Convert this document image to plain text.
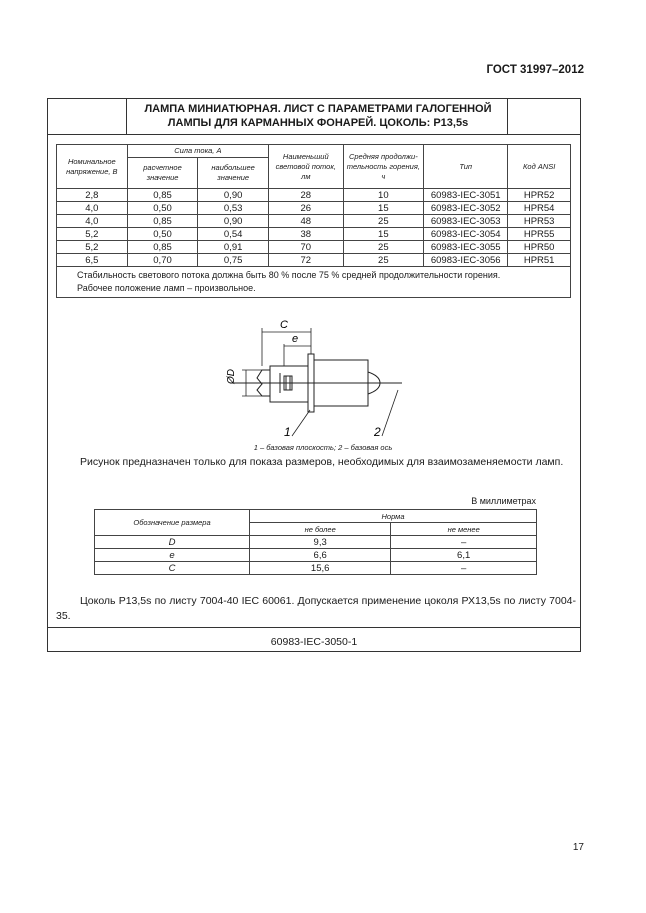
ГОСТ 31997–2012
ЛАМПА МИНИАТЮРНАЯ. ЛИСТ С ПАРАМЕТРАМИ ГАЛОГЕННОЙ
ЛАМПЫ ДЛЯ КАРМАННЫХ ФОНАРЕЙ. ЦОКОЛЬ: Р13,5s
60983-IEC-3050-1
Номинальное напряжение, В	Сила тока, А		Наименьший световой поток, лм	Средняя продолжи- тельность горения, ч	Тип	Код ANSI
	расчетное значение	наибольшее значение				
2,8	0,85	0,90	28	10	60983-IEC-3051	HPR52
4,0	0,50	0,53	26	15	60983-IEC-3052	HPR54
4,0	0,85	0,90	48	25	60983-IEC-3053	HPR53
5,2	0,50	0,54	38	15	60983-IEC-3054	HPR55
5,2	0,85	0,91	70	25	60983-IEC-3055	HPR50
6,5	0,70	0,75	72	25	60983-IEC-3056	HPR51

Стабильность светового потока должна быть 80 % после 75 % средней продолжительности горения.
Рабочее положение ламп – произвольное.						
C
e
ØD
1	2
1 – базовая плоскость; 2 – базовая ось
Рисунок предназначен только для показа размеров, необходимых для взаимозаменяемости ламп.
В миллиметрах
Обозначение размера	Норма	
	не более	не менее
D	9,3	–
e	6,6	6,1
C	15,6	–
Цоколь Р13,5s по листу 7004-40 IEC 60061. Допускается применение цоколя РХ13,5s по листу 7004-35.
17
